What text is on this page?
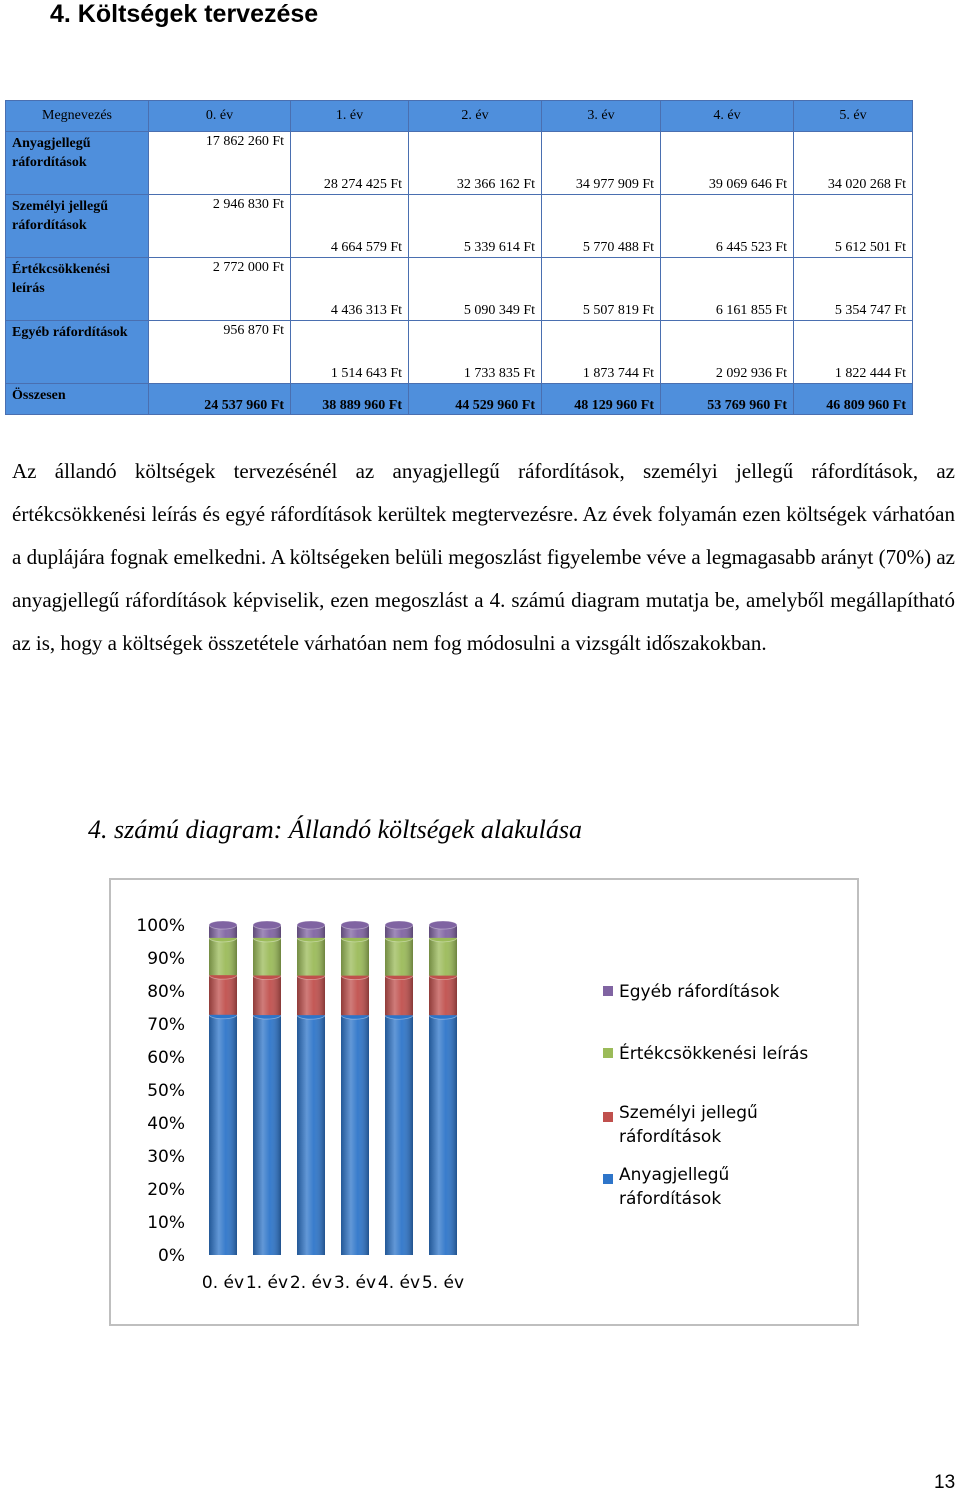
4. Költségek tervezése
Megnevezés	0. év	1. év	2. év	3. év	4. év	5. év
Anyagjellegű ráfordítások	17 862 260 Ft	28 274 425 Ft	32 366 162 Ft	34 977 909 Ft	39 069 646 Ft	34 020 268 Ft
Személyi jellegű ráfordítások	2 946 830 Ft	4 664 579 Ft	5 339 614 Ft	5 770 488 Ft	6 445 523 Ft	5 612 501 Ft
Értékcsökkenési leírás	2 772 000 Ft	4 436 313 Ft	5 090 349 Ft	5 507 819 Ft	6 161 855 Ft	5 354 747 Ft
Egyéb ráfordítások	956 870 Ft	1 514 643 Ft	1 733 835 Ft	1 873 744 Ft	2 092 936 Ft	1 822 444 Ft
Összesen	24 537 960 Ft	38 889 960 Ft	44 529 960 Ft	48 129 960 Ft	53 769 960 Ft	46 809 960 Ft
Az állandó költségek tervezésénél az anyagjellegű ráfordítások, személyi jellegű ráfordítások, az értékcsökkenési leírás és egyé ráfordítások kerültek megtervezésre. Az évek folyamán ezen költségek várhatóan a duplájára fognak emelkedni. A költségeken belüli megoszlást figyelembe véve a legmagasabb arányt (70%) az anyagjellegű ráfordítások képviselik, ezen megoszlást a 4. számú diagram mutatja be, amelyből megállapítható az is, hogy a költségek összetétele várhatóan nem fog módosulni a vizsgált időszakokban.
4. számú diagram: Állandó költségek alakulása
0%
10%
20%
30%
40%
50%
60%
70%
80%
90%
100%
0. év 1. év 2. év 3. év 4. év 5. év
Egyéb ráfordítások
Értékcsökkenési leírás
Személyi jellegű
ráfordítások
Anyagjellegű
ráfordítások
13
